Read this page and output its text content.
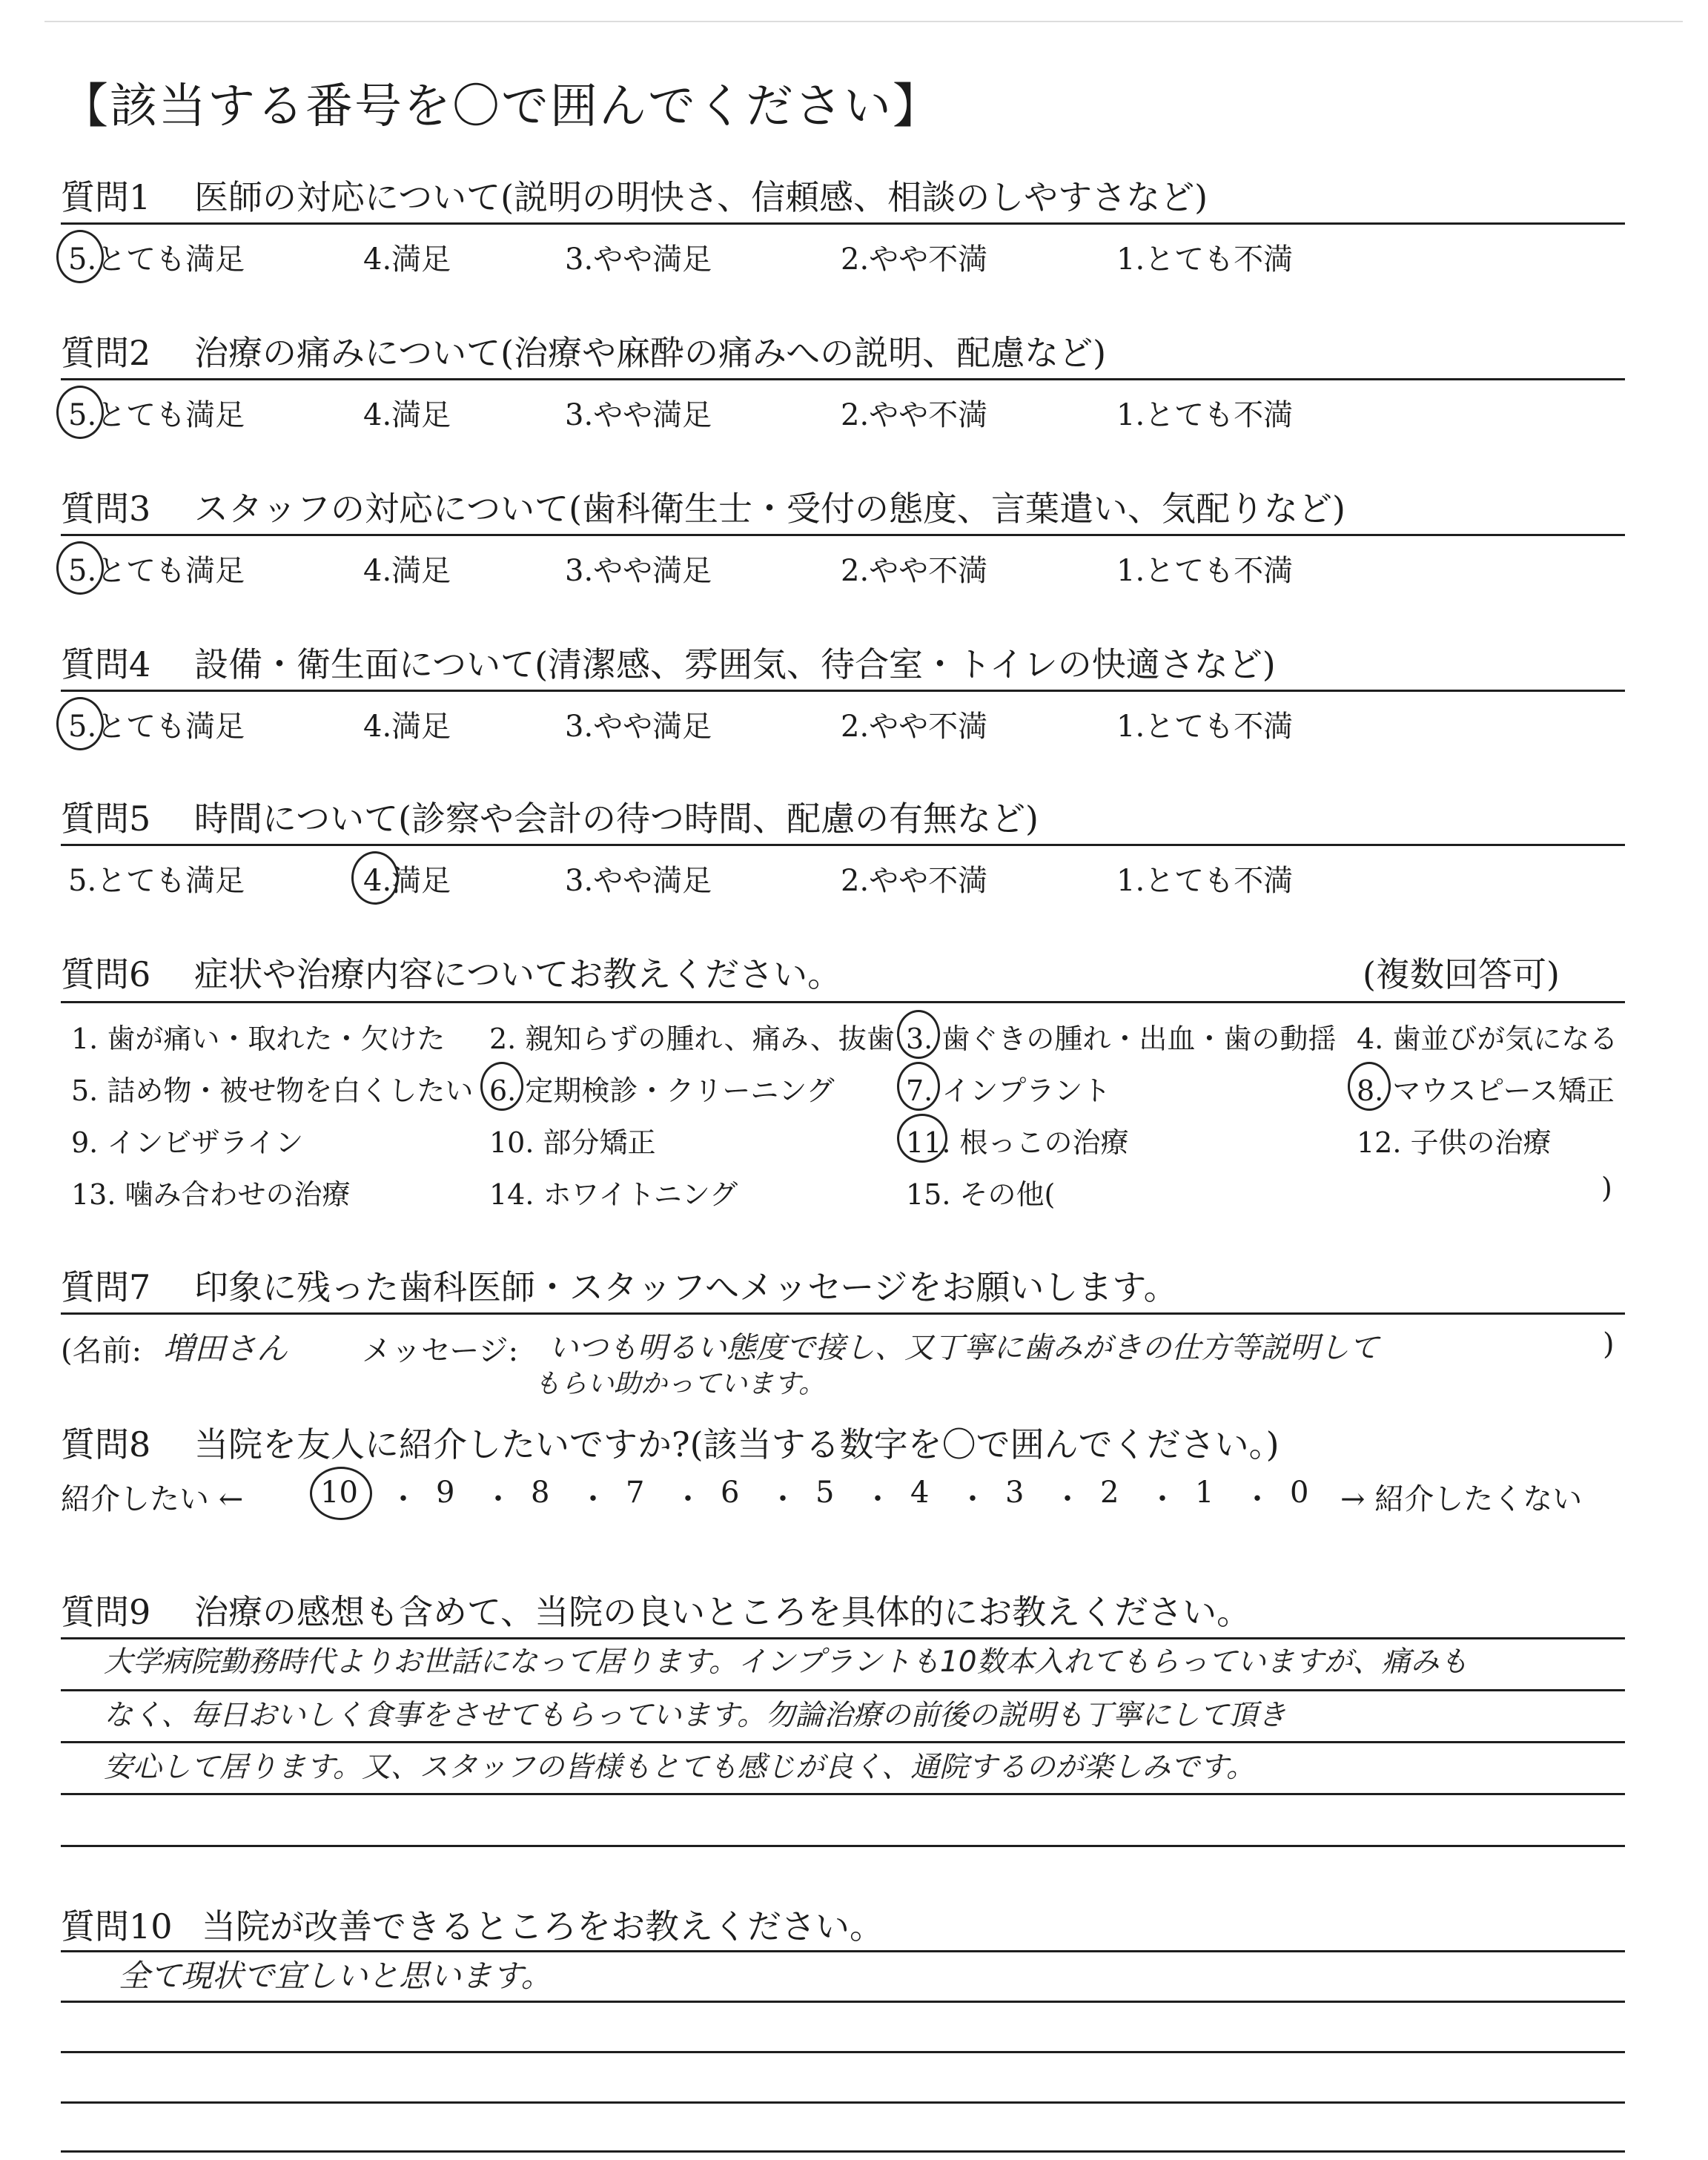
【該当する番号を〇で囲んでください】
質問1 医師の対応について(説明の明快さ、信頼感、相談のしやすさなど)
5.とても満足	4.満足	3.やや満足	2.やや不満	1.とても不満
質問2 治療の痛みについて(治療や麻酔の痛みへの説明、配慮など)
5.とても満足	4.満足	3.やや満足	2.やや不満	1.とても不満
質問3 スタッフの対応について(歯科衛生士・受付の態度、言葉遣い、気配りなど)
5.とても満足	4.満足	3.やや満足	2.やや不満	1.とても不満
質問4 設備・衛生面について(清潔感、雰囲気、待合室・トイレの快適さなど)
5.とても満足	4.満足	3.やや満足	2.やや不満	1.とても不満
質問5 時間について(診察や会計の待つ時間、配慮の有無など)
5.とても満足	4.満足	3.やや満足	2.やや不満	1.とても不満
質問6 症状や治療内容についてお教えください。	(複数回答可)
1. 歯が痛い・取れた・欠けた 2. 親知らずの腫れ、痛み、抜歯 3. 歯ぐきの腫れ・出血・歯の動揺 4. 歯並びが気になる
5. 詰め物・被せ物を白くしたい 6. 定期検診・クリーニング	7. インプラント	8. マウスピース矯正
9. インビザライン	10. 部分矯正	11. 根っこの治療	12. 子供の治療
13. 噛み合わせの治療	14. ホワイトニング	15. その他(	)
質問7 印象に残った歯科医師・スタッフへメッセージをお願いします。
(名前: 増田さん メッセージ: いつも明るい態度で接し、又丁寧に歯みがきの仕方等説明して
もらい助かっています。
)
質問8 当院を友人に紹介したいですか?(該当する数字を〇で囲んでください。)
紹介したい ←	10 ・ 9 ・ 8 ・ 7 ・ 6 ・ 5 ・ 4 ・ 3 ・ 2 ・ 1 ・ 0 → 紹介したくない
質問9 治療の感想も含めて、当院の良いところを具体的にお教えください。
大学病院勤務時代よりお世話になって居ります。インプラントも10数本入れてもらっていますが、痛みも
なく、毎日おいしく食事をさせてもらっています。勿論治療の前後の説明も丁寧にして頂き
安心して居ります。又、スタッフの皆様もとても感じが良く、通院するのが楽しみです。
質問10 当院が改善できるところをお教えください。
全て現状で宜しいと思います。
